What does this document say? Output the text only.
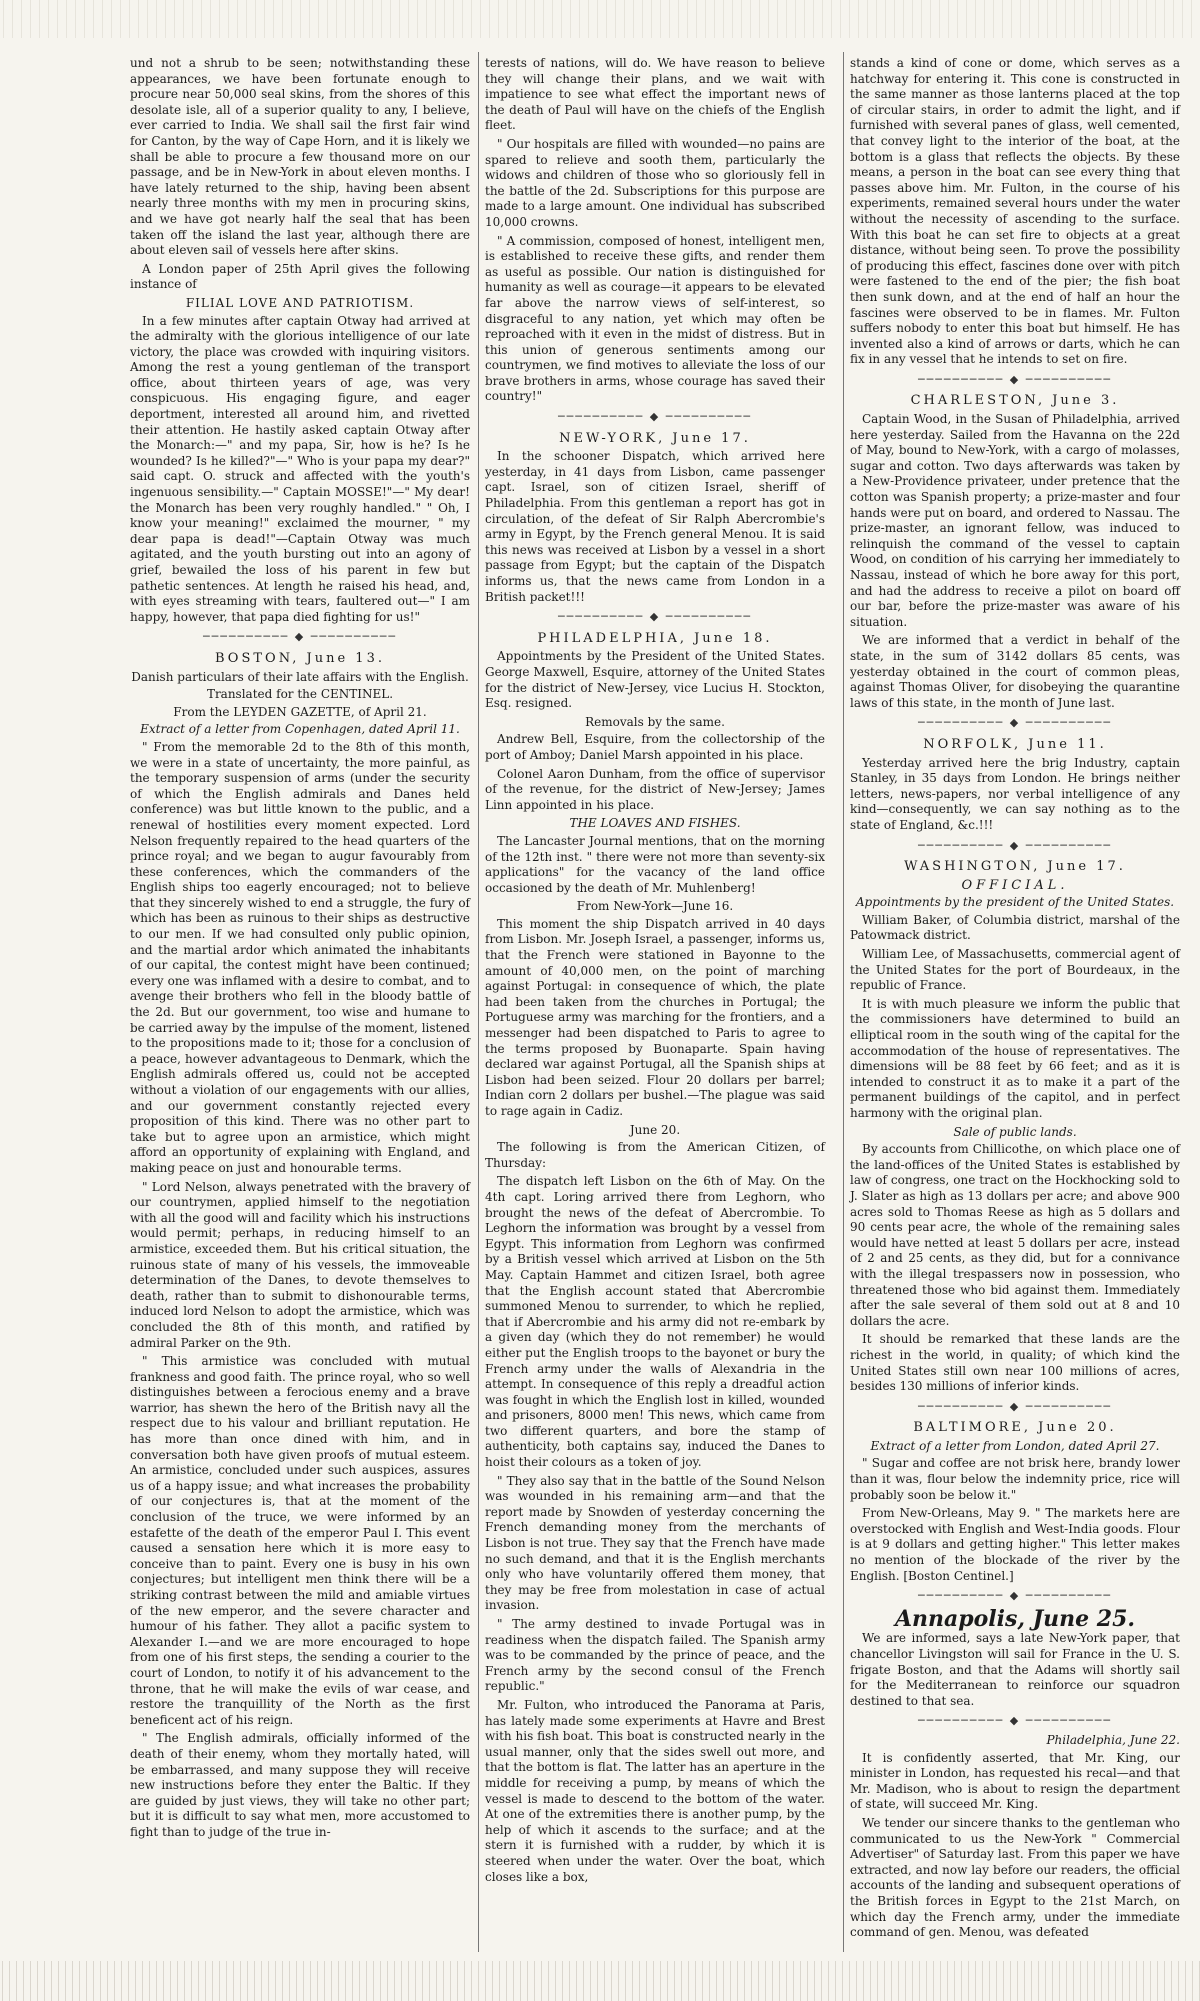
und not a shrub to be seen; notwithstanding these appearances, we have been fortunate enough to procure near 50,000 seal skins, from the shores of this desolate isle, all of a superior quality to any, I believe, ever carried to India. We shall sail the first fair wind for Canton, by the way of Cape Horn, and it is likely we shall be able to procure a few thousand more on our passage, and be in New-York in about eleven months. I have lately returned to the ship, having been absent nearly three months with my men in procuring skins, and we have got nearly half the seal that has been taken off the island the last year, although there are about eleven sail of vessels here after skins.

A London paper of 25th April gives the following instance of

FILIAL LOVE AND PATRIOTISM.

In a few minutes after captain Otway had arrived at the admiralty with the glorious intelligence of our late victory, the place was crowded with inquiring visitors. Among the rest a young gentleman of the transport office, about thirteen years of age, was very conspicuous. His engaging figure, and eager deportment, interested all around him, and rivetted their attention. He hastily asked captain Otway after the Monarch:—" and my papa, Sir, how is he? Is he wounded? Is he killed?"—" Who is your papa my dear?" said capt. O. struck and affected with the youth's ingenuous sensibility.—" Captain MOSSE!"—" My dear! the Monarch has been very roughly handled." " Oh, I know your meaning!" exclaimed the mourner, " my dear papa is dead!"—Captain Otway was much agitated, and the youth bursting out into an agony of grief, bewailed the loss of his parent in few but pathetic sentences. At length he raised his head, and, with eyes streaming with tears, faultered out—" I am happy, however, that papa died fighting for us!"

────────── ◆ ──────────
BOSTON, June 13.
Danish particulars of their late affairs with the English.
Translated for the CENTINEL.
From the LEYDEN GAZETTE, of April 21.
Extract of a letter from Copenhagen, dated April 11.

" From the memorable 2d to the 8th of this month, we were in a state of uncertainty, the more painful, as the temporary suspension of arms (under the security of which the English admirals and Danes held conference) was but little known to the public, and a renewal of hostilities every moment expected. Lord Nelson frequently repaired to the head quarters of the prince royal; and we began to augur favourably from these conferences, which the commanders of the English ships too eagerly encouraged; not to believe that they sincerely wished to end a struggle, the fury of which has been as ruinous to their ships as destructive to our men. If we had consulted only public opinion, and the martial ardor which animated the inhabitants of our capital, the contest might have been continued; every one was inflamed with a desire to combat, and to avenge their brothers who fell in the bloody battle of the 2d. But our government, too wise and humane to be carried away by the impulse of the moment, listened to the propositions made to it; those for a conclusion of a peace, however advantageous to Denmark, which the English admirals offered us, could not be accepted without a violation of our engagements with our allies, and our government constantly rejected every proposition of this kind. There was no other part to take but to agree upon an armistice, which might afford an opportunity of explaining with England, and making peace on just and honourable terms.

" Lord Nelson, always penetrated with the bravery of our countrymen, applied himself to the negotiation with all the good will and facility which his instructions would permit; perhaps, in reducing himself to an armistice, exceeded them. But his critical situation, the ruinous state of many of his vessels, the immoveable determination of the Danes, to devote themselves to death, rather than to submit to dishonourable terms, induced lord Nelson to adopt the armistice, which was concluded the 8th of this month, and ratified by admiral Parker on the 9th.

" This armistice was concluded with mutual frankness and good faith. The prince royal, who so well distinguishes between a ferocious enemy and a brave warrior, has shewn the hero of the British navy all the respect due to his valour and brilliant reputation. He has more than once dined with him, and in conversation both have given proofs of mutual esteem. An armistice, concluded under such auspices, assures us of a happy issue; and what increases the probability of our conjectures is, that at the moment of the conclusion of the truce, we were informed by an estafette of the death of the emperor Paul I. This event caused a sensation here which it is more easy to conceive than to paint. Every one is busy in his own conjectures; but intelligent men think there will be a striking contrast between the mild and amiable virtues of the new emperor, and the severe character and humour of his father. They allot a pacific system to Alexander I.—and we are more encouraged to hope from one of his first steps, the sending a courier to the court of London, to notify it of his advancement to the throne, that he will make the evils of war cease, and restore the tranquillity of the North as the first beneficent act of his reign.

" The English admirals, officially informed of the death of their enemy, whom they mortally hated, will be embarrassed, and many suppose they will receive new instructions before they enter the Baltic. If they are guided by just views, they will take no other part; but it is difficult to say what men, more accustomed to fight than to judge of the true in-

terests of nations, will do. We have reason to believe they will change their plans, and we wait with impatience to see what effect the important news of the death of Paul will have on the chiefs of the English fleet.

" Our hospitals are filled with wounded—no pains are spared to relieve and sooth them, particularly the widows and children of those who so gloriously fell in the battle of the 2d. Subscriptions for this purpose are made to a large amount. One individual has subscribed 10,000 crowns.

" A commission, composed of honest, intelligent men, is established to receive these gifts, and render them as useful as possible. Our nation is distinguished for humanity as well as courage—it appears to be elevated far above the narrow views of self-interest, so disgraceful to any nation, yet which may often be reproached with it even in the midst of distress. But in this union of generous sentiments among our countrymen, we find motives to alleviate the loss of our brave brothers in arms, whose courage has saved their country!"

────────── ◆ ──────────
NEW-YORK, June 17.

In the schooner Dispatch, which arrived here yesterday, in 41 days from Lisbon, came passenger capt. Israel, son of citizen Israel, sheriff of Philadelphia. From this gentleman a report has got in circulation, of the defeat of Sir Ralph Abercrombie's army in Egypt, by the French general Menou. It is said this news was received at Lisbon by a vessel in a short passage from Egypt; but the captain of the Dispatch informs us, that the news came from London in a British packet!!!

────────── ◆ ──────────
PHILADELPHIA, June 18.

Appointments by the President of the United States. George Maxwell, Esquire, attorney of the United States for the district of New-Jersey, vice Lucius H. Stockton, Esq. resigned.

Removals by the same.

Andrew Bell, Esquire, from the collectorship of the port of Amboy; Daniel Marsh appointed in his place.

Colonel Aaron Dunham, from the office of supervisor of the revenue, for the district of New-Jersey; James Linn appointed in his place.

THE LOAVES AND FISHES.

The Lancaster Journal mentions, that on the morning of the 12th inst. " there were not more than seventy-six applications" for the vacancy of the land office occasioned by the death of Mr. Muhlenberg!

From New-York—June 16.

This moment the ship Dispatch arrived in 40 days from Lisbon. Mr. Joseph Israel, a passenger, informs us, that the French were stationed in Bayonne to the amount of 40,000 men, on the point of marching against Portugal: in consequence of which, the plate had been taken from the churches in Portugal; the Portuguese army was marching for the frontiers, and a messenger had been dispatched to Paris to agree to the terms proposed by Buonaparte. Spain having declared war against Portugal, all the Spanish ships at Lisbon had been seized. Flour 20 dollars per barrel; Indian corn 2 dollars per bushel.—The plague was said to rage again in Cadiz.

June 20.

The following is from the American Citizen, of Thursday:

The dispatch left Lisbon on the 6th of May. On the 4th capt. Loring arrived there from Leghorn, who brought the news of the defeat of Abercrombie. To Leghorn the information was brought by a vessel from Egypt. This information from Leghorn was confirmed by a British vessel which arrived at Lisbon on the 5th May. Captain Hammet and citizen Israel, both agree that the English account stated that Abercrombie summoned Menou to surrender, to which he replied, that if Abercrombie and his army did not re-embark by a given day (which they do not remember) he would either put the English troops to the bayonet or bury the French army under the walls of Alexandria in the attempt. In consequence of this reply a dreadful action was fought in which the English lost in killed, wounded and prisoners, 8000 men! This news, which came from two different quarters, and bore the stamp of authenticity, both captains say, induced the Danes to hoist their colours as a token of joy.

" They also say that in the battle of the Sound Nelson was wounded in his remaining arm—and that the report made by Snowden of yesterday concerning the French demanding money from the merchants of Lisbon is not true. They say that the French have made no such demand, and that it is the English merchants only who have voluntarily offered them money, that they may be free from molestation in case of actual invasion.

" The army destined to invade Portugal was in readiness when the dispatch failed. The Spanish army was to be commanded by the prince of peace, and the French army by the second consul of the French republic."

Mr. Fulton, who introduced the Panorama at Paris, has lately made some experiments at Havre and Brest with his fish boat. This boat is constructed nearly in the usual manner, only that the sides swell out more, and that the bottom is flat. The latter has an aperture in the middle for receiving a pump, by means of which the vessel is made to descend to the bottom of the water. At one of the extremities there is another pump, by the help of which it ascends to the surface; and at the stern it is furnished with a rudder, by which it is steered when under the water. Over the boat, which closes like a box,

stands a kind of cone or dome, which serves as a hatchway for entering it. This cone is constructed in the same manner as those lanterns placed at the top of circular stairs, in order to admit the light, and if furnished with several panes of glass, well cemented, that convey light to the interior of the boat, at the bottom is a glass that reflects the objects. By these means, a person in the boat can see every thing that passes above him. Mr. Fulton, in the course of his experiments, remained several hours under the water without the necessity of ascending to the surface. With this boat he can set fire to objects at a great distance, without being seen. To prove the possibility of producing this effect, fascines done over with pitch were fastened to the end of the pier; the fish boat then sunk down, and at the end of half an hour the fascines were observed to be in flames. Mr. Fulton suffers nobody to enter this boat but himself. He has invented also a kind of arrows or darts, which he can fix in any vessel that he intends to set on fire.

────────── ◆ ──────────
CHARLESTON, June 3.

Captain Wood, in the Susan of Philadelphia, arrived here yesterday. Sailed from the Havanna on the 22d of May, bound to New-York, with a cargo of molasses, sugar and cotton. Two days afterwards was taken by a New-Providence privateer, under pretence that the cotton was Spanish property; a prize-master and four hands were put on board, and ordered to Nassau. The prize-master, an ignorant fellow, was induced to relinquish the command of the vessel to captain Wood, on condition of his carrying her immediately to Nassau, instead of which he bore away for this port, and had the address to receive a pilot on board off our bar, before the prize-master was aware of his situation.

We are informed that a verdict in behalf of the state, in the sum of 3142 dollars 85 cents, was yesterday obtained in the court of common pleas, against Thomas Oliver, for disobeying the quarantine laws of this state, in the month of June last.

────────── ◆ ──────────
NORFOLK, June 11.

Yesterday arrived here the brig Industry, captain Stanley, in 35 days from London. He brings neither letters, news-papers, nor verbal intelligence of any kind—consequently, we can say nothing as to the state of England, &c.!!!

────────── ◆ ──────────
WASHINGTON, June 17.
OFFICIAL.
Appointments by the president of the United States.

William Baker, of Columbia district, marshal of the Patowmack district.

William Lee, of Massachusetts, commercial agent of the United States for the port of Bourdeaux, in the republic of France.

It is with much pleasure we inform the public that the commissioners have determined to build an elliptical room in the south wing of the capital for the accommodation of the house of representatives. The dimensions will be 88 feet by 66 feet; and as it is intended to construct it as to make it a part of the permanent buildings of the capitol, and in perfect harmony with the original plan.

Sale of public lands.

By accounts from Chillicothe, on which place one of the land-offices of the United States is established by law of congress, one tract on the Hockhocking sold to J. Slater as high as 13 dollars per acre; and above 900 acres sold to Thomas Reese as high as 5 dollars and 90 cents pear acre, the whole of the remaining sales would have netted at least 5 dollars per acre, instead of 2 and 25 cents, as they did, but for a connivance with the illegal trespassers now in possession, who threatened those who bid against them. Immediately after the sale several of them sold out at 8 and 10 dollars the acre.

It should be remarked that these lands are the richest in the world, in quality; of which kind the United States still own near 100 millions of acres, besides 130 millions of inferior kinds.

────────── ◆ ──────────
BALTIMORE, June 20.
Extract of a letter from London, dated April 27.

" Sugar and coffee are not brisk here, brandy lower than it was, flour below the indemnity price, rice will probably soon be below it."

From New-Orleans, May 9. " The markets here are overstocked with English and West-India goods. Flour is at 9 dollars and getting higher." This letter makes no mention of the blockade of the river by the English. [Boston Centinel.]

────────── ◆ ──────────
Annapolis, June 25.

We are informed, says a late New-York paper, that chancellor Livingston will sail for France in the U. S. frigate Boston, and that the Adams will shortly sail for the Mediterranean to reinforce our squadron destined to that sea.

────────── ◆ ──────────
Philadelphia, June 22.

It is confidently asserted, that Mr. King, our minister in London, has requested his recal—and that Mr. Madison, who is about to resign the department of state, will succeed Mr. King.

We tender our sincere thanks to the gentleman who communicated to us the New-York " Commercial Advertiser" of Saturday last. From this paper we have extracted, and now lay before our readers, the official accounts of the landing and subsequent operations of the British forces in Egypt to the 21st March, on which day the French army, under the immediate command of gen. Menou, was defeated
